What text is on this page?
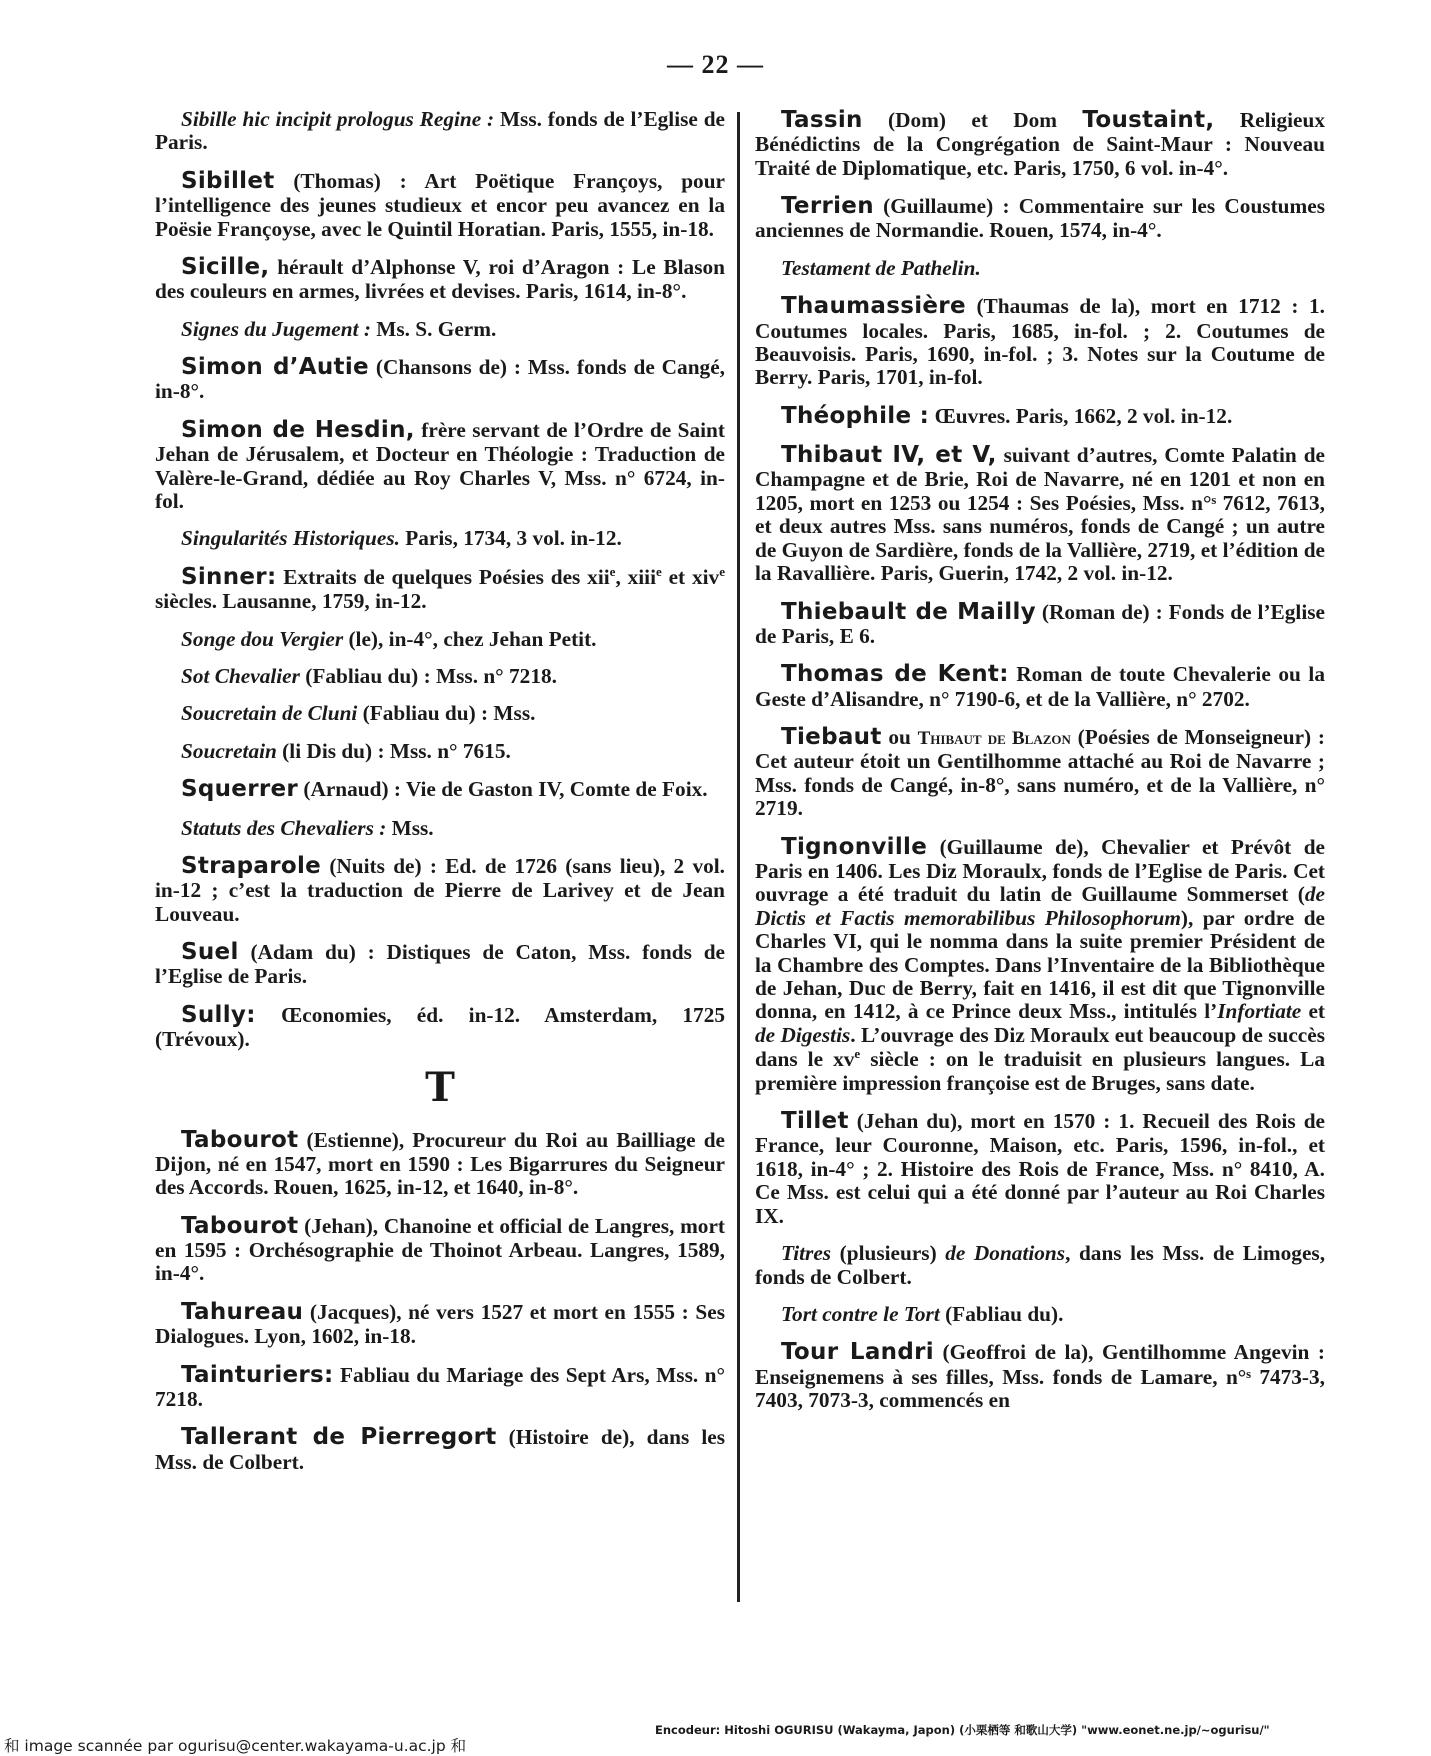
— 22 —

Sibille hic incipit prologus Regine : Mss. fonds de l’Eglise de Paris.

Sibillet (Thomas) : Art Poëtique Françoys, pour l’intelligence des jeunes studieux et encor peu avancez en la Poësie Françoyse, avec le Quintil Horatian. Paris, 1555, in-18.

Sicille, hérault d’Alphonse V, roi d’Aragon : Le Blason des couleurs en armes, livrées et devises. Paris, 1614, in-8°.

Signes du Jugement : Ms. S. Germ.

Simon d’Autie (Chansons de) : Mss. fonds de Cangé, in-8°.

Simon de Hesdin, frère servant de l’Ordre de Saint Jehan de Jérusalem, et Docteur en Théologie : Traduction de Valère-le-Grand, dédiée au Roy Charles V, Mss. n° 6724, in-fol.

Singularités Historiques. Paris, 1734, 3 vol. in-12.

Sinner: Extraits de quelques Poésies des xii$^e$, xiii$^e$ et xiv$^e$ siècles. Lausanne, 1759, in-12.

Songe dou Vergier (le), in-4°, chez Jehan Petit.

Sot Chevalier (Fabliau du) : Mss. n° 7218.

Soucretain de Cluni (Fabliau du) : Mss.

Soucretain (li Dis du) : Mss. n° 7615.

Squerrer (Arnaud) : Vie de Gaston IV, Comte de Foix.

Statuts des Chevaliers : Mss.

Straparole (Nuits de) : Ed. de 1726 (sans lieu), 2 vol. in-12 ; c’est la traduction de Pierre de Larivey et de Jean Louveau.

Suel (Adam du) : Distiques de Caton, Mss. fonds de l’Eglise de Paris.

Sully: Œconomies, éd. in-12. Amsterdam, 1725 (Trévoux).

T

Tabourot (Estienne), Procureur du Roi au Bailliage de Dijon, né en 1547, mort en 1590 : Les Bigarrures du Seigneur des Accords. Rouen, 1625, in-12, et 1640, in-8°.

Tabourot (Jehan), Chanoine et official de Langres, mort en 1595 : Orchésographie de Thoinot Arbeau. Langres, 1589, in-4°.

Tahureau (Jacques), né vers 1527 et mort en 1555 : Ses Dialogues. Lyon, 1602, in-18.

Tainturiers: Fabliau du Mariage des Sept Ars, Mss. n° 7218.

Tallerant de Pierregort (Histoire de), dans les Mss. de Colbert.

Tassin (Dom) et Dom Toustaint, Religieux Bénédictins de la Congrégation de Saint-Maur : Nouveau Traité de Diplomatique, etc. Paris, 1750, 6 vol. in-4°.

Terrien (Guillaume) : Commentaire sur les Coustumes anciennes de Normandie. Rouen, 1574, in-4°.

Testament de Pathelin.

Thaumassière (Thaumas de la), mort en 1712 : 1. Coutumes locales. Paris, 1685, in-fol. ; 2. Coutumes de Beauvoisis. Paris, 1690, in-fol. ; 3. Notes sur la Coutume de Berry. Paris, 1701, in-fol.

Théophile : Œuvres. Paris, 1662, 2 vol. in-12.

Thibaut IV, et V, suivant d’autres, Comte Palatin de Champagne et de Brie, Roi de Navarre, né en 1201 et non en 1205, mort en 1253 ou 1254 : Ses Poésies, Mss. n°ˢ 7612, 7613, et deux autres Mss. sans numéros, fonds de Cangé ; un autre de Guyon de Sardière, fonds de la Vallière, 2719, et l’édition de la Ravallière. Paris, Guerin, 1742, 2 vol. in-12.

Thiebault de Mailly (Roman de) : Fonds de l’Eglise de Paris, E 6.

Thomas de Kent: Roman de toute Chevalerie ou la Geste d’Alisandre, n° 7190-6, et de la Vallière, n° 2702.

Tiebaut ou Thibaut de Blazon (Poésies de Monseigneur) : Cet auteur étoit un Gentilhomme attaché au Roi de Navarre ; Mss. fonds de Cangé, in-8°, sans numéro, et de la Vallière, n° 2719.

Tignonville (Guillaume de), Chevalier et Prévôt de Paris en 1406. Les Diz Moraulx, fonds de l’Eglise de Paris. Cet ouvrage a été traduit du latin de Guillaume Sommerset (de Dictis et Factis memorabilibus Philosophorum), par ordre de Charles VI, qui le nomma dans la suite premier Président de la Chambre des Comptes. Dans l’Inventaire de la Bibliothèque de Jehan, Duc de Berry, fait en 1416, il est dit que Tignonville donna, en 1412, à ce Prince deux Mss., intitulés l’Infortiate et de Digestis. L’ouvrage des Diz Moraulx eut beaucoup de succès dans le $xv^e$ siècle : on le traduisit en plusieurs langues. La première impression françoise est de Bruges, sans date.

Tillet (Jehan du), mort en 1570 : 1. Recueil des Rois de France, leur Couronne, Maison, etc. Paris, 1596, in-fol., et 1618, in-4° ; 2. Histoire des Rois de France, Mss. n° 8410, A. Ce Mss. est celui qui a été donné par l’auteur au Roi Charles IX.

Titres (plusieurs) de Donations, dans les Mss. de Limoges, fonds de Colbert.

Tort contre le Tort (Fabliau du).

Tour Landri (Geoffroi de la), Gentilhomme Angevin : Enseignemens à ses filles, Mss. fonds de Lamare, n°ˢ 7473-3, 7403, 7073-3, commencés en

Encodeur: Hitoshi OGURISU (Wakayma, Japon) (小栗栖等 和歌山大学) "www.eonet.ne.jp/~ogurisu/"
和 image scannée par ogurisu@center.wakayama-u.ac.jp 和
